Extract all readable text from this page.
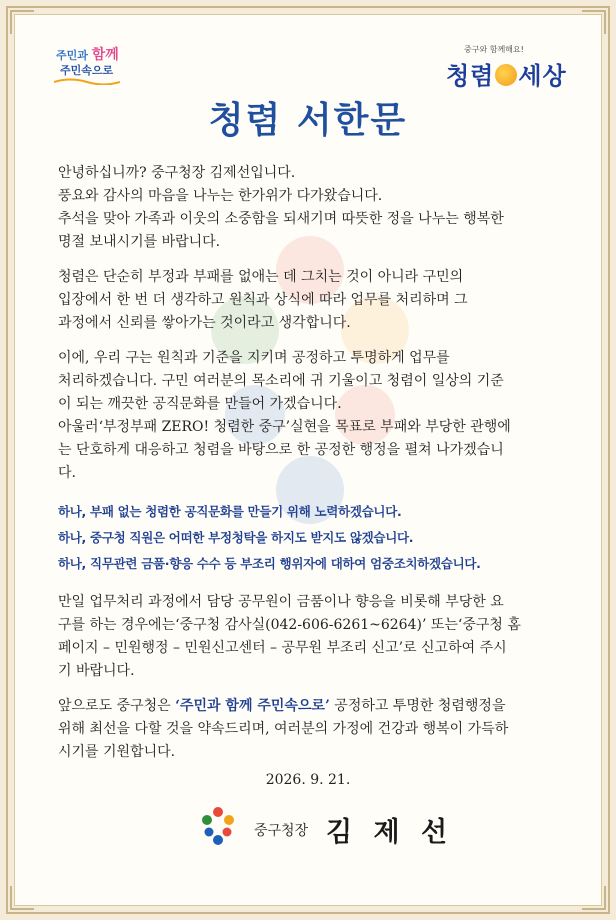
주민과 함께
주민속으로
중구와 함께해요!
청렴 세상
청렴 서한문

안녕하십니까? 중구청장 김제선입니다.
풍요와 감사의 마음을 나누는 한가위가 다가왔습니다.
추석을 맞아 가족과 이웃의 소중함을 되새기며 따뜻한 정을 나누는 행복한
명절 보내시기를 바랍니다.

청렴은 단순히 부정과 부패를 없애는 데 그치는 것이 아니라 구민의
입장에서 한 번 더 생각하고 원칙과 상식에 따라 업무를 처리하며 그
과정에서 신뢰를 쌓아가는 것이라고 생각합니다.

이에, 우리 구는 원칙과 기준을 지키며 공정하고 투명하게 업무를
처리하겠습니다. 구민 여러분의 목소리에 귀 기울이고 청렴이 일상의 기준
이 되는 깨끗한 공직문화를 만들어 가겠습니다.
아울러‘부정부패 ZERO! 청렴한 중구’실현을 목표로 부패와 부당한 관행에
는 단호하게 대응하고 청렴을 바탕으로 한 공정한 행정을 펼쳐 나가겠습니
다.

하나, 부패 없는 청렴한 공직문화를 만들기 위해 노력하겠습니다.

하나, 중구청 직원은 어떠한 부정청탁을 하지도 받지도 않겠습니다.

하나, 직무관련 금품·향응 수수 등 부조리 행위자에 대하여 엄중조치하겠습니다.

만일 업무처리 과정에서 담당 공무원이 금품이나 향응을 비롯해 부당한 요
구를 하는 경우에는‘중구청 감사실(042-606-6261~6264)’ 또는‘중구청 홈
페이지 – 민원행정 – 민원신고센터 – 공무원 부조리 신고’로 신고하여 주시
기 바랍니다.

앞으로도 중구청은 ‘주민과 함께 주민속으로’ 공정하고 투명한 청렴행정을
위해 최선을 다할 것을 약속드리며, 여러분의 가정에 건강과 행복이 가득하
시기를 기원합니다.

2026. 9. 21.
중구청장 김 제 선
